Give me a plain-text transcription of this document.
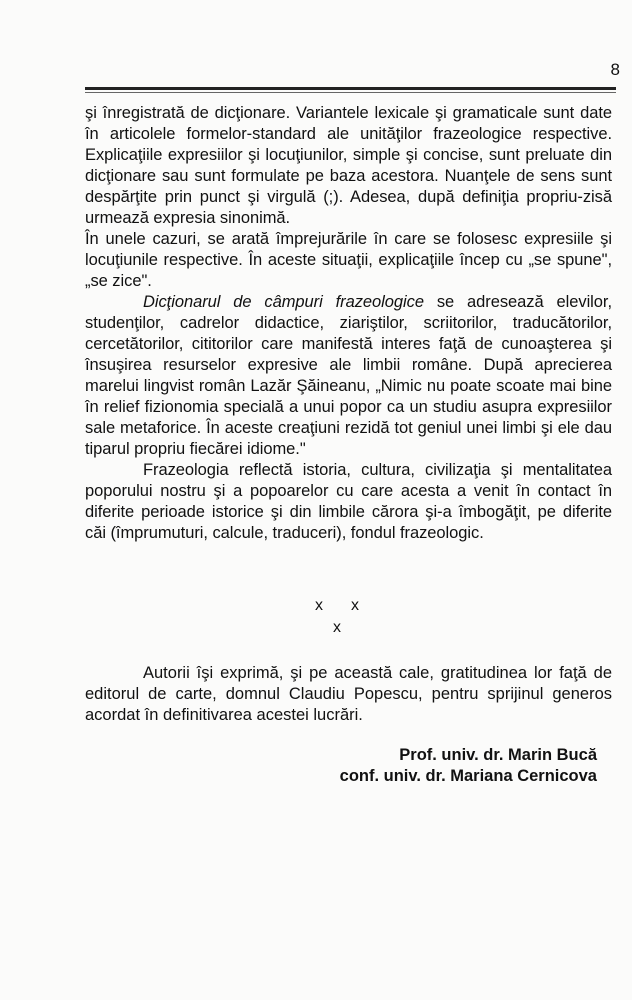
8

şi înregistrată de dicţionare. Variantele lexicale şi gramaticale sunt date în articolele formelor-standard ale unităţilor frazeologice respective. Explicaţiile expresiilor şi locuţiunilor, simple şi concise, sunt preluate din dicţionare sau sunt formulate pe baza acestora. Nuanţele de sens sunt despărţite prin punct şi virgulă (;). Adesea, după definiţia propriu-zisă urmează expresia sinonimă.

În unele cazuri, se arată împrejurările în care se folosesc expresiile şi locuţiunile respective. În aceste situaţii, explicaţiile încep cu „se spune", „se zice".

Dicţionarul de câmpuri frazeologice se adresează elevilor, studenţilor, cadrelor didactice, ziariştilor, scriitorilor, traducătorilor, cercetătorilor, cititorilor care manifestă interes faţă de cunoaşterea şi însuşirea resurselor expresive ale limbii române. După aprecierea marelui lingvist român Lazăr Şăineanu, „Nimic nu poate scoate mai bine în relief fizionomia specială a unui popor ca un studiu asupra expresiilor sale metaforice. În aceste creaţiuni rezidă tot geniul unei limbi şi ele dau tiparul propriu fiecărei idiome."

Frazeologia reflectă istoria, cultura, civilizaţia şi mentalitatea poporului nostru şi a popoarelor cu care acesta a venit în contact în diferite perioade istorice şi din limbile cărora şi-a îmbogăţit, pe diferite căi (împrumuturi, calcule, traduceri), fondul frazeologic.

x x
x

Autorii îşi exprimă, şi pe această cale, gratitudinea lor faţă de editorul de carte, domnul Claudiu Popescu, pentru sprijinul generos acordat în definitivarea acestei lucrări.

Prof. univ. dr. Marin Bucă
conf. univ. dr. Mariana Cernicova
